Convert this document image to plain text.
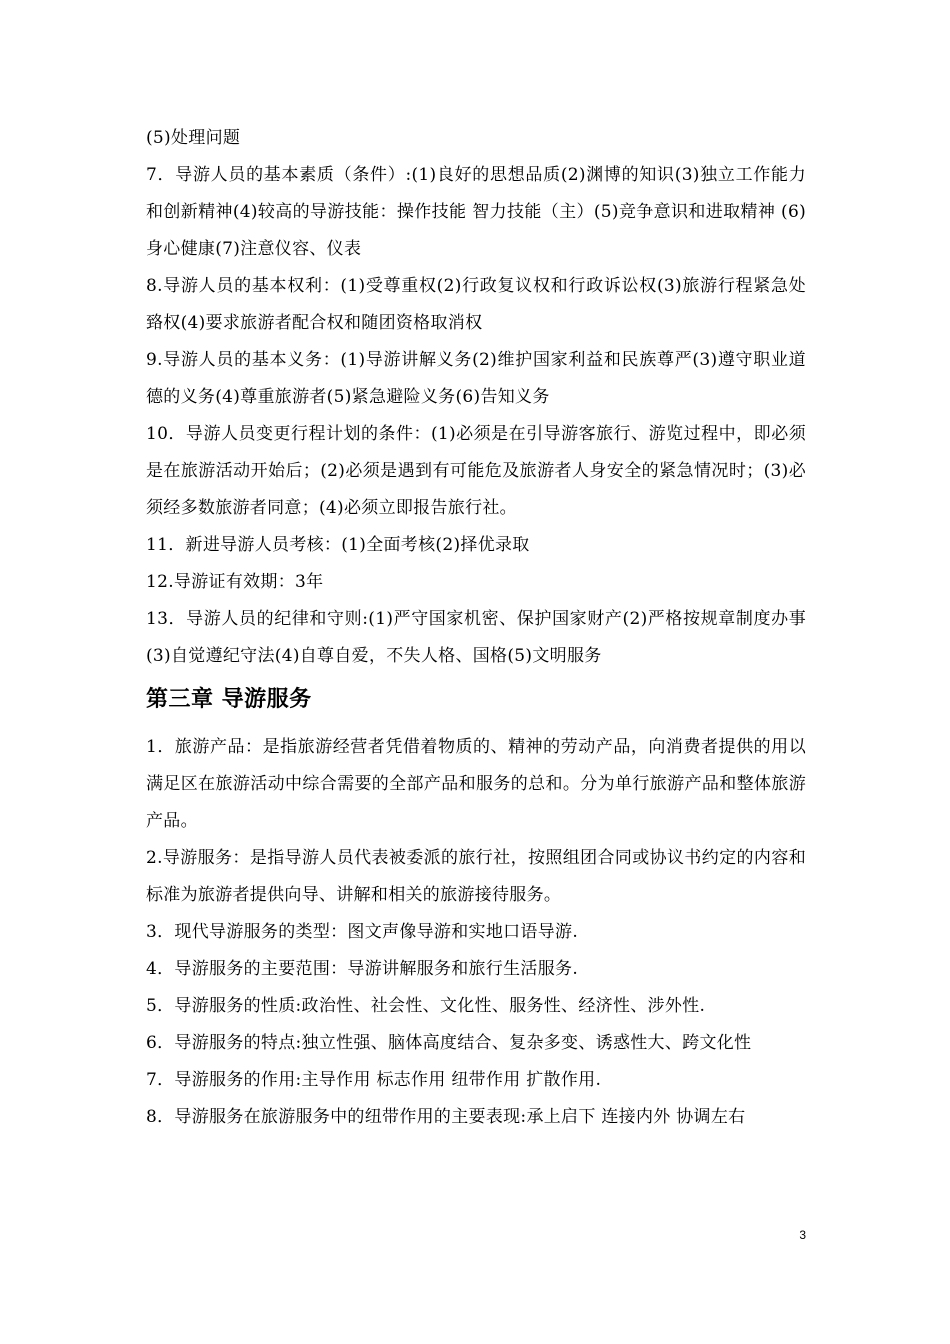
(5)处理问题

7．导游人员的基本素质（条件）:(1)良好的思想品质(2)渊博的知识(3)独立工作能力和创新精神(4)较高的导游技能：操作技能 智力技能（主）(5)竞争意识和进取精神 (6)身心健康(7)注意仪容、仪表

8.导游人员的基本权利：(1)受尊重权(2)行政复议权和行政诉讼权(3)旅游行程紧急处臵权(4)要求旅游者配合权和随团资格取消权

9.导游人员的基本义务：(1)导游讲解义务(2)维护国家利益和民族尊严(3)遵守职业道德的义务(4)尊重旅游者(5)紧急避险义务(6)告知义务

10．导游人员变更行程计划的条件：(1)必须是在引导游客旅行、游览过程中，即必须是在旅游活动开始后；(2)必须是遇到有可能危及旅游者人身安全的紧急情况时；(3)必须经多数旅游者同意；(4)必须立即报告旅行社。

11．新进导游人员考核：(1)全面考核(2)择优录取

12.导游证有效期：3年

13．导游人员的纪律和守则:(1)严守国家机密、保护国家财产(2)严格按规章制度办事(3)自觉遵纪守法(4)自尊自爱，不失人格、国格(5)文明服务

第三章 导游服务

1．旅游产品：是指旅游经营者凭借着物质的、精神的劳动产品，向消费者提供的用以满足区在旅游活动中综合需要的全部产品和服务的总和。分为单行旅游产品和整体旅游产品。

2.导游服务：是指导游人员代表被委派的旅行社，按照组团合同或协议书约定的内容和标准为旅游者提供向导、讲解和相关的旅游接待服务。

3．现代导游服务的类型：图文声像导游和实地口语导游.

4．导游服务的主要范围：导游讲解服务和旅行生活服务.

5．导游服务的性质:政治性、社会性、文化性、服务性、经济性、涉外性.

6．导游服务的特点:独立性强、脑体高度结合、复杂多变、诱惑性大、跨文化性

7．导游服务的作用:主导作用 标志作用 纽带作用 扩散作用.

8．导游服务在旅游服务中的纽带作用的主要表现:承上启下 连接内外 协调左右

3
